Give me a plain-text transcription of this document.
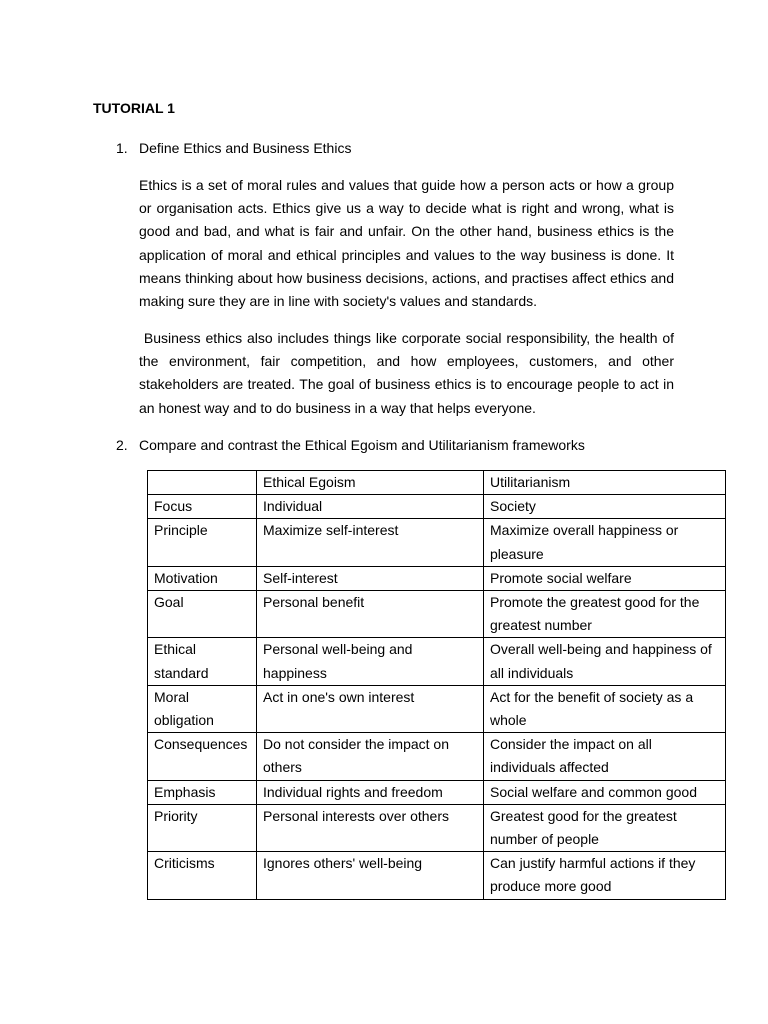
TUTORIAL 1
1. Define Ethics and Business Ethics

Ethics is a set of moral rules and values that guide how a person acts or how a group or organisation acts. Ethics give us a way to decide what is right and wrong, what is good and bad, and what is fair and unfair. On the other hand, business ethics is the application of moral and ethical principles and values to the way business is done. It means thinking about how business decisions, actions, and practises affect ethics and making sure they are in line with society's values and standards.

Business ethics also includes things like corporate social responsibility, the health of the environment, fair competition, and how employees, customers, and other stakeholders are treated. The goal of business ethics is to encourage people to act in an honest way and to do business in a way that helps everyone.

2. Compare and contrast the Ethical Egoism and Utilitarianism frameworks
	Ethical Egoism	Utilitarianism
Focus	Individual	Society
Principle	Maximize self-interest	Maximize overall happiness or pleasure
Motivation	Self-interest	Promote social welfare
Goal	Personal benefit	Promote the greatest good for the greatest number
Ethical standard	Personal well-being and happiness	Overall well-being and happiness of all individuals
Moral obligation	Act in one's own interest	Act for the benefit of society as a whole
Consequences	Do not consider the impact on others	Consider the impact on all individuals affected
Emphasis	Individual rights and freedom	Social welfare and common good
Priority	Personal interests over others	Greatest good for the greatest number of people
Criticisms	Ignores others' well-being	Can justify harmful actions if they produce more good
